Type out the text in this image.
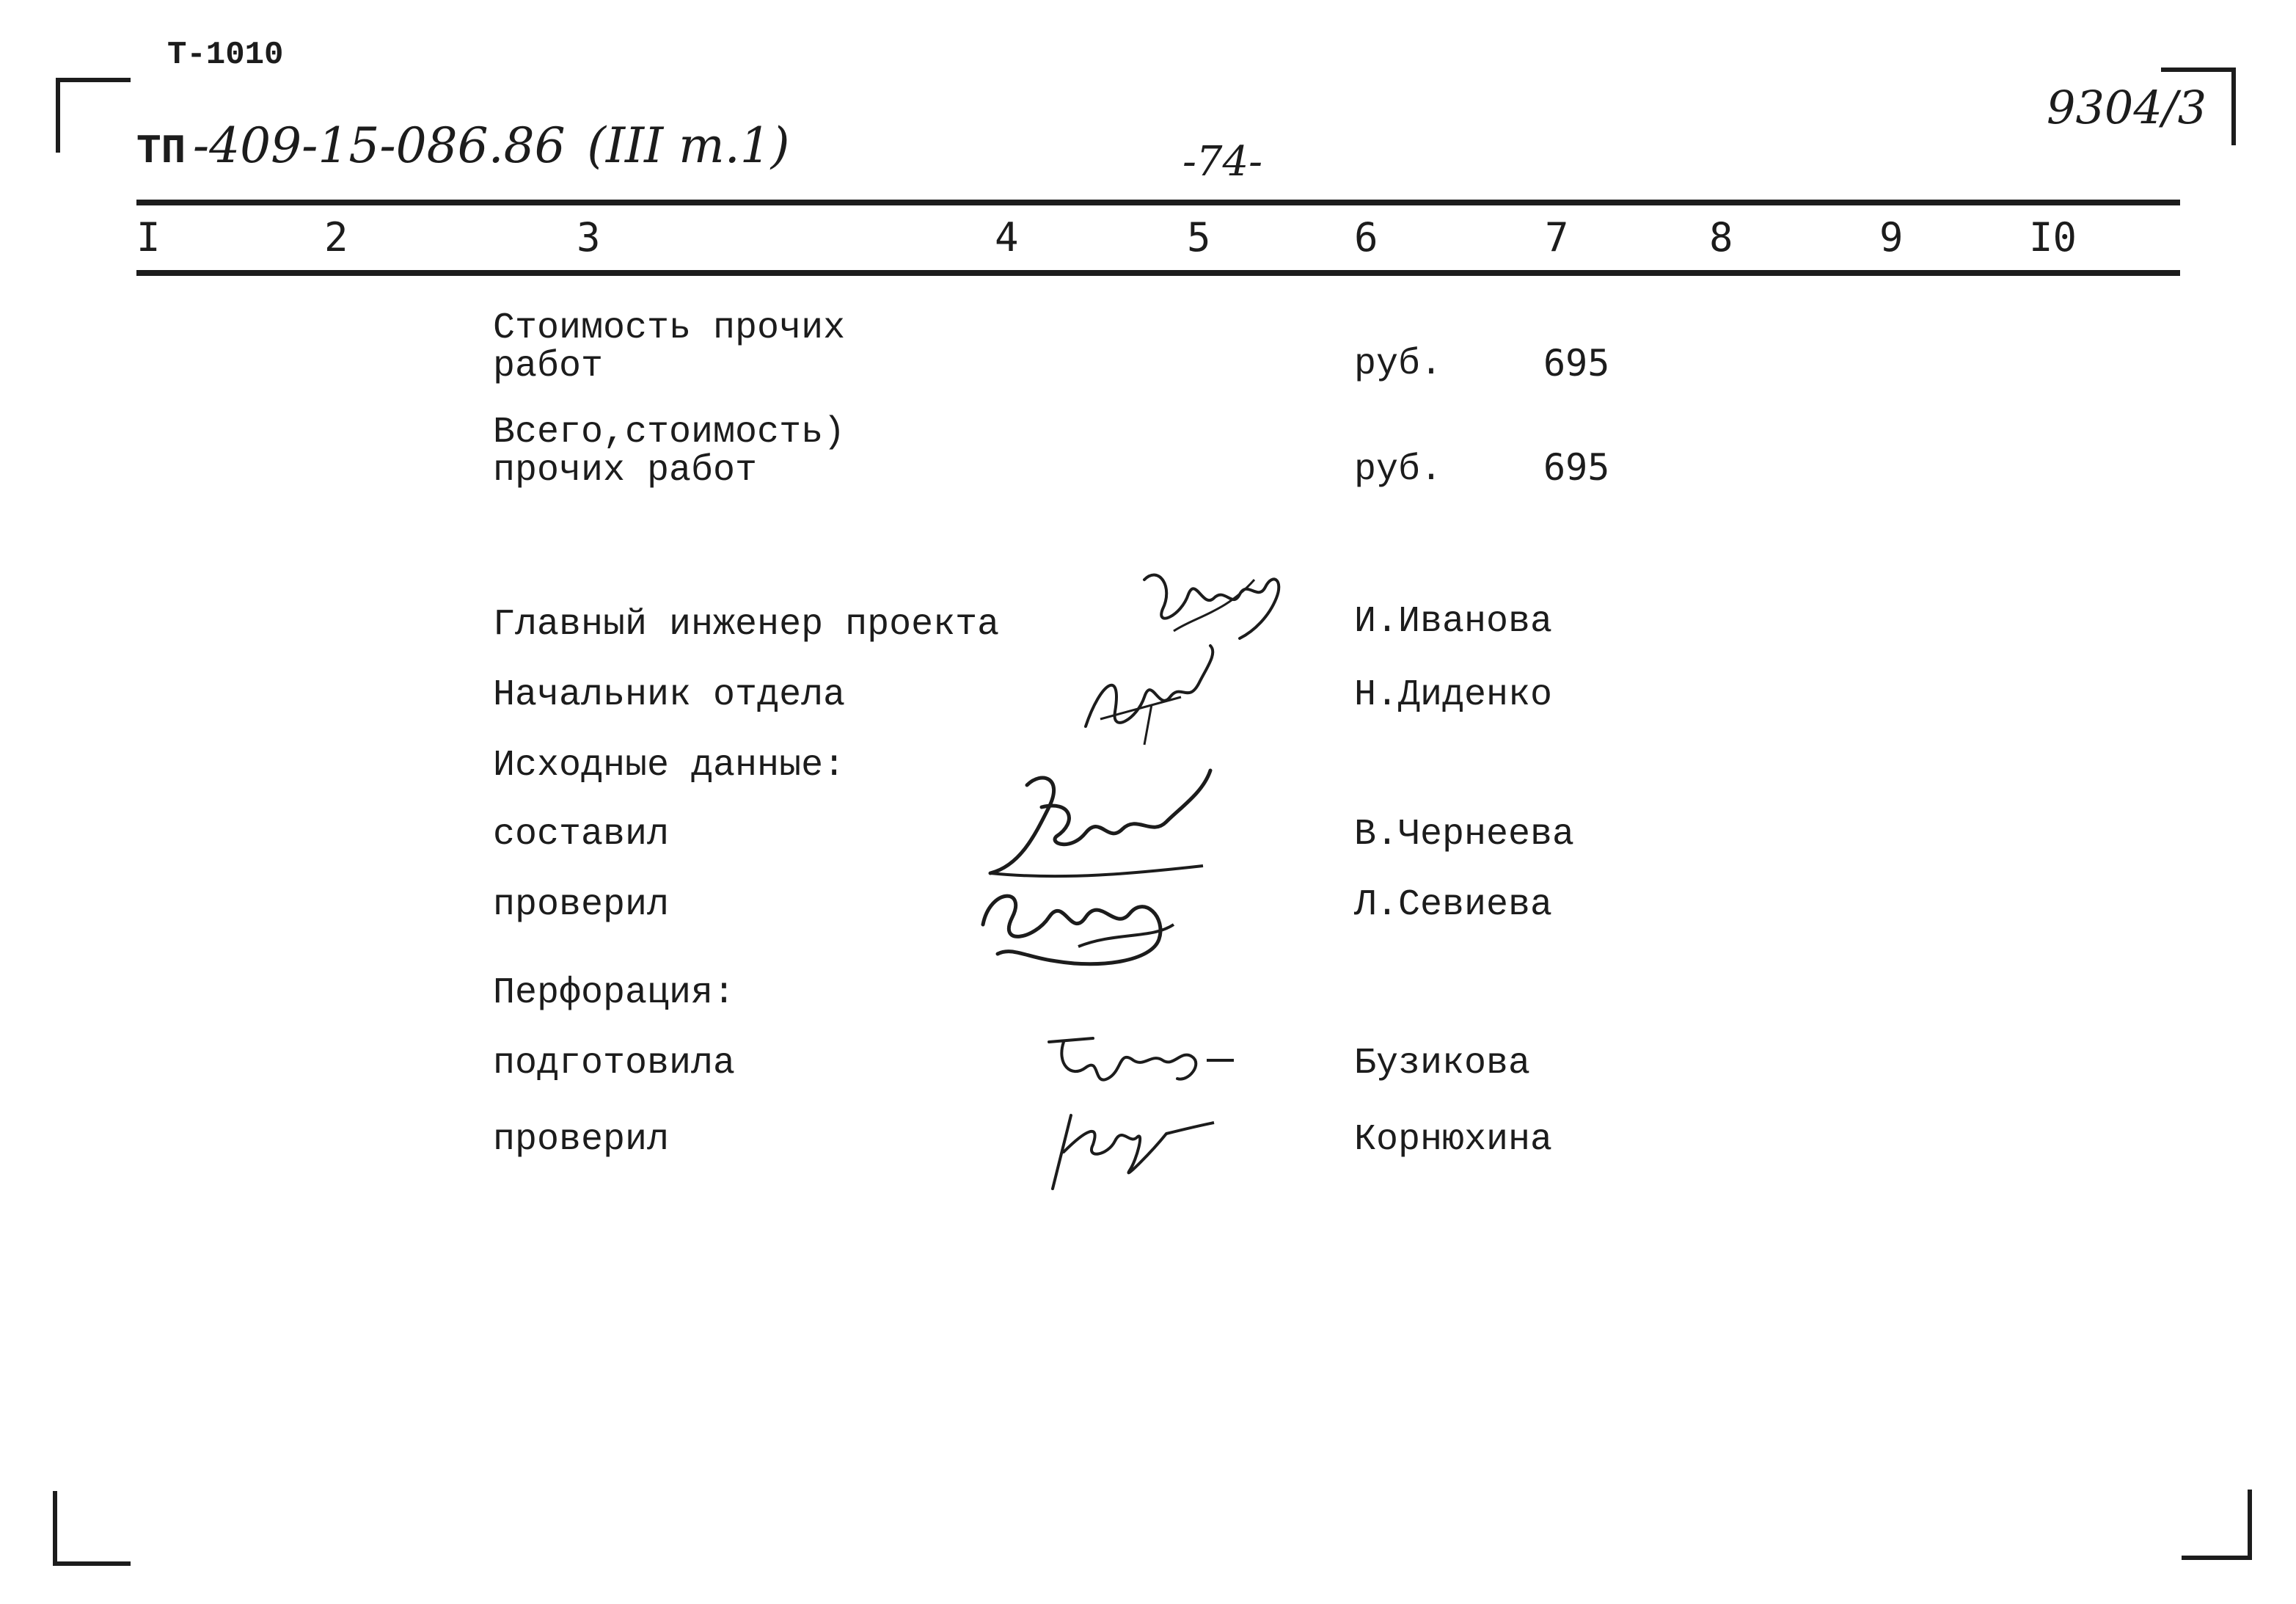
Т-1010
ТП -409-15-086.86 (III т.1)	-74-
9304/3
I	2	3	4	5	6	7	8	9	I0
Стоимость прочих
работ	руб.	695
Всего,стоимость)
прочих работ	руб.	695
Главный инженер проекта	И.Иванова
Начальник отдела	Н.Диденко
Исходные данные:
составил	В.Чернеева
проверил	Л.Севиева
Перфорация:
подготовила	Бузикова
проверил	Корнюхина
